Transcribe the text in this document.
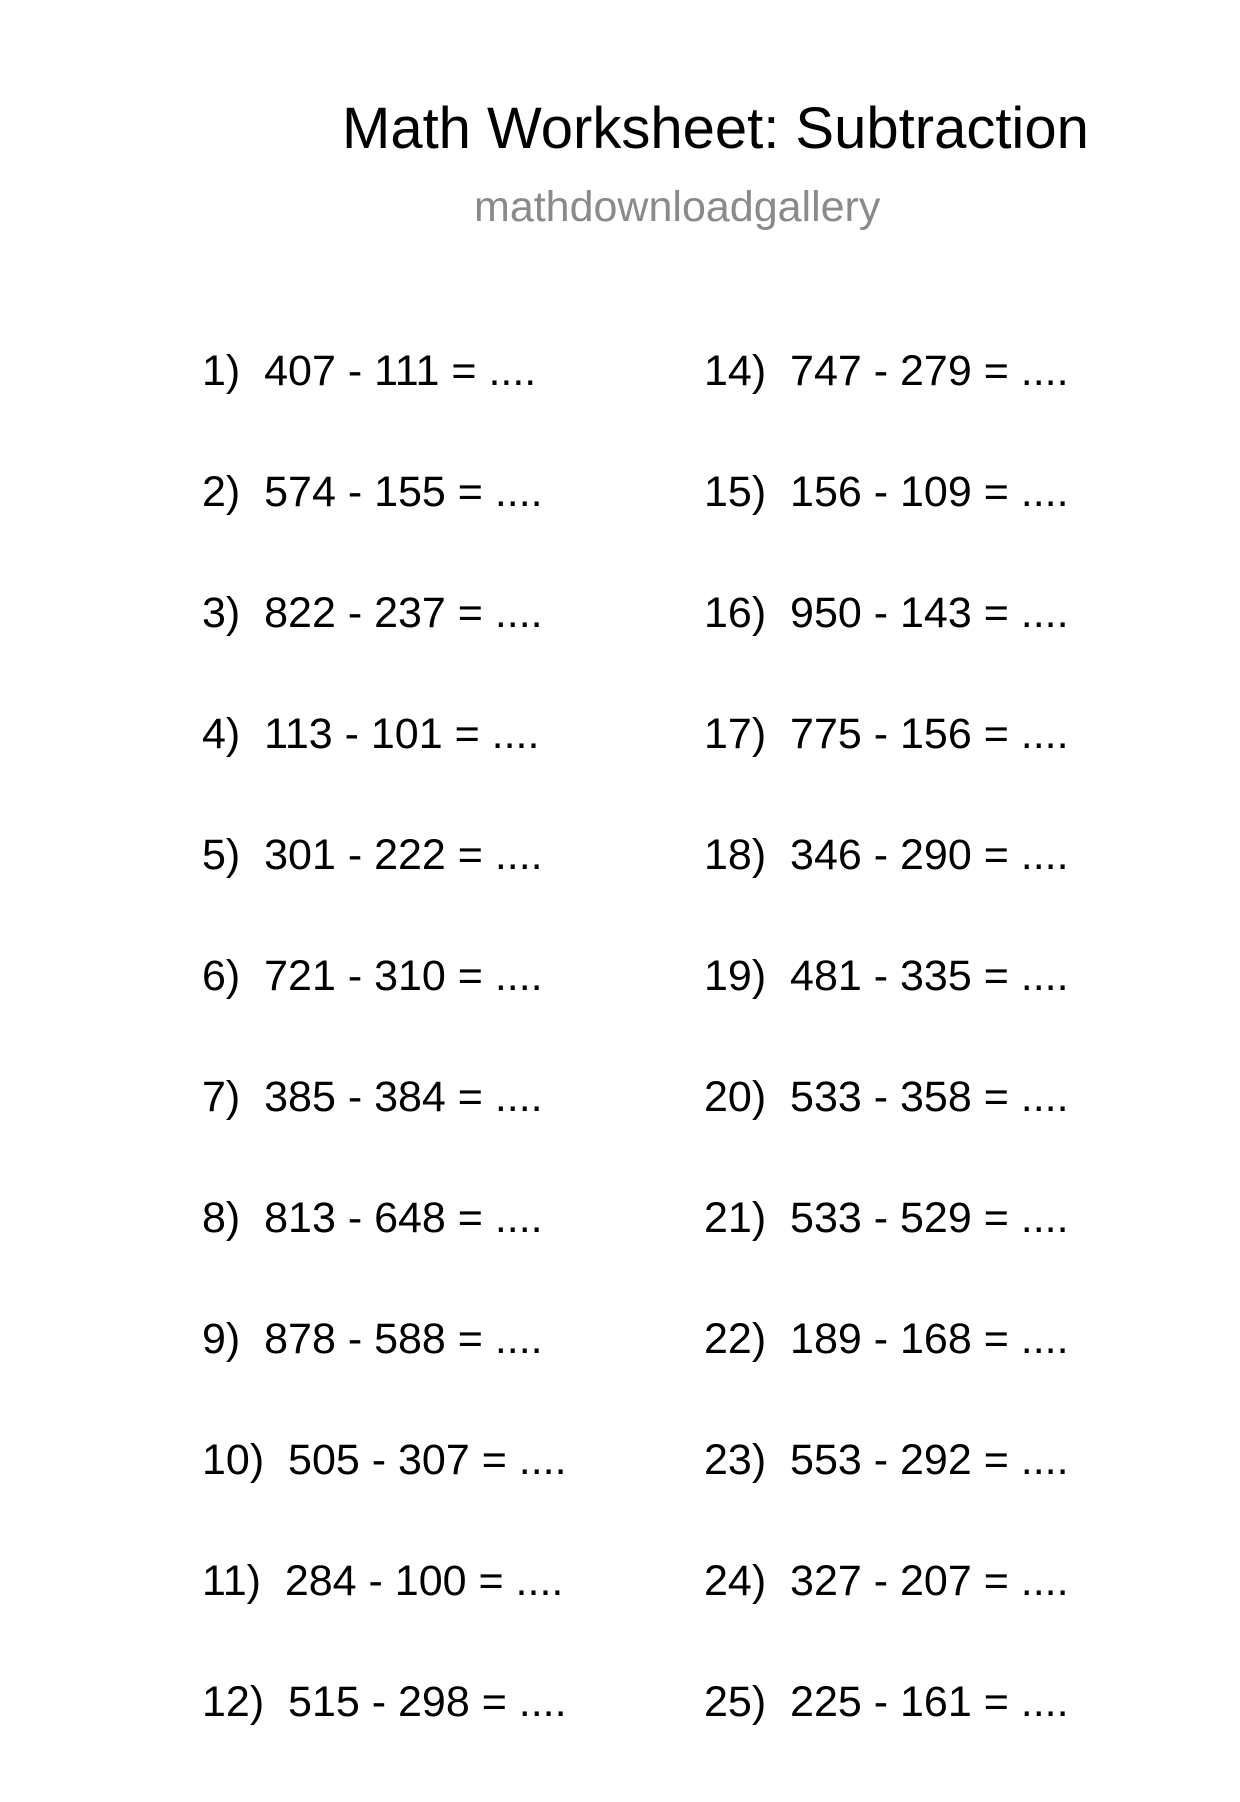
Math Worksheet: Subtraction
mathdownloadgallery
1)  407 - 111 = ....
2)  574 - 155 = ....
3)  822 - 237 = ....
4)  113 - 101 = ....
5)  301 - 222 = ....
6)  721 - 310 = ....
7)  385 - 384 = ....
8)  813 - 648 = ....
9)  878 - 588 = ....
10)  505 - 307 = ....
11)  284 - 100 = ....
12)  515 - 298 = ....
14)  747 - 279 = ....
15)  156 - 109 = ....
16)  950 - 143 = ....
17)  775 - 156 = ....
18)  346 - 290 = ....
19)  481 - 335 = ....
20)  533 - 358 = ....
21)  533 - 529 = ....
22)  189 - 168 = ....
23)  553 - 292 = ....
24)  327 - 207 = ....
25)  225 - 161 = ....
